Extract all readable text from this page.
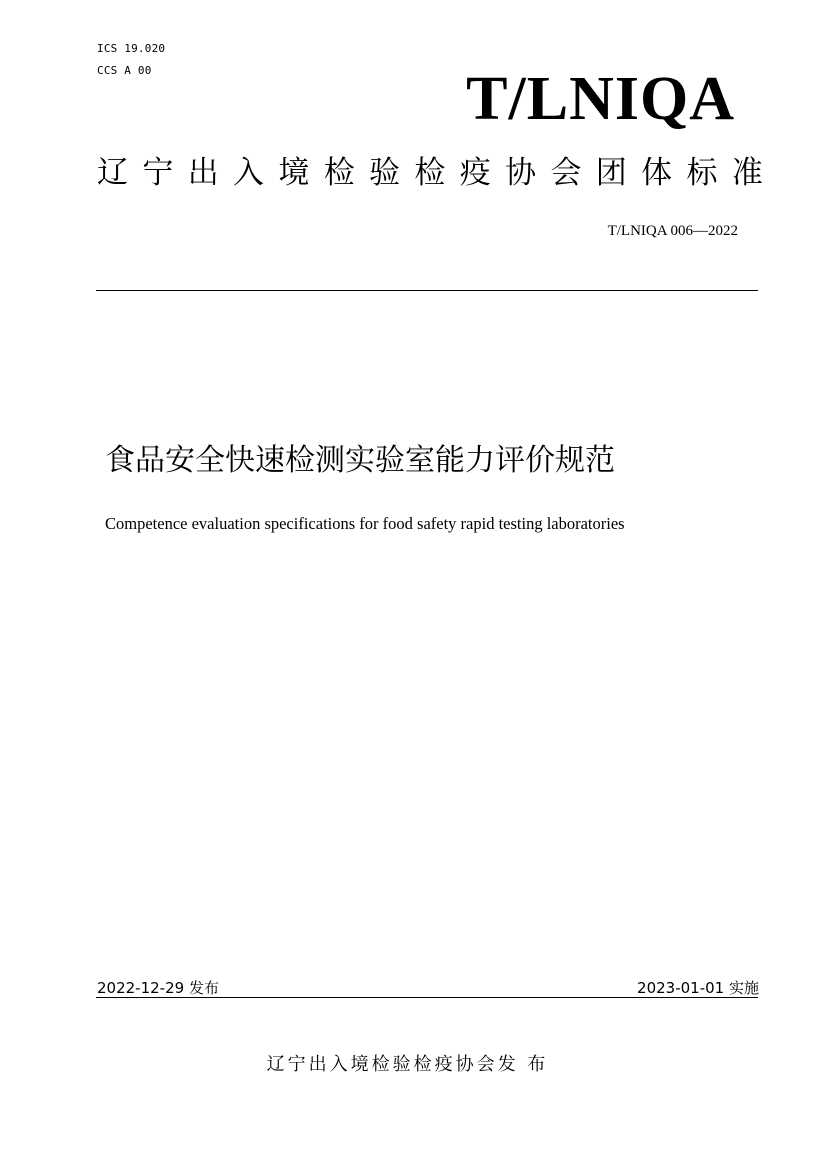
ICS 19.020
CCS A 00	T/LNIQA
辽 宁 出 入 境 检 验 检 疫 协 会 团 体 标 准
T/LNIQA 006—2022
食品安全快速检测实验室能力评价规范
Competence evaluation specifications for food safety rapid testing laboratories
2022-12-29 发布	2023-01-01 实施
辽宁出入境检验检疫协会发 布
